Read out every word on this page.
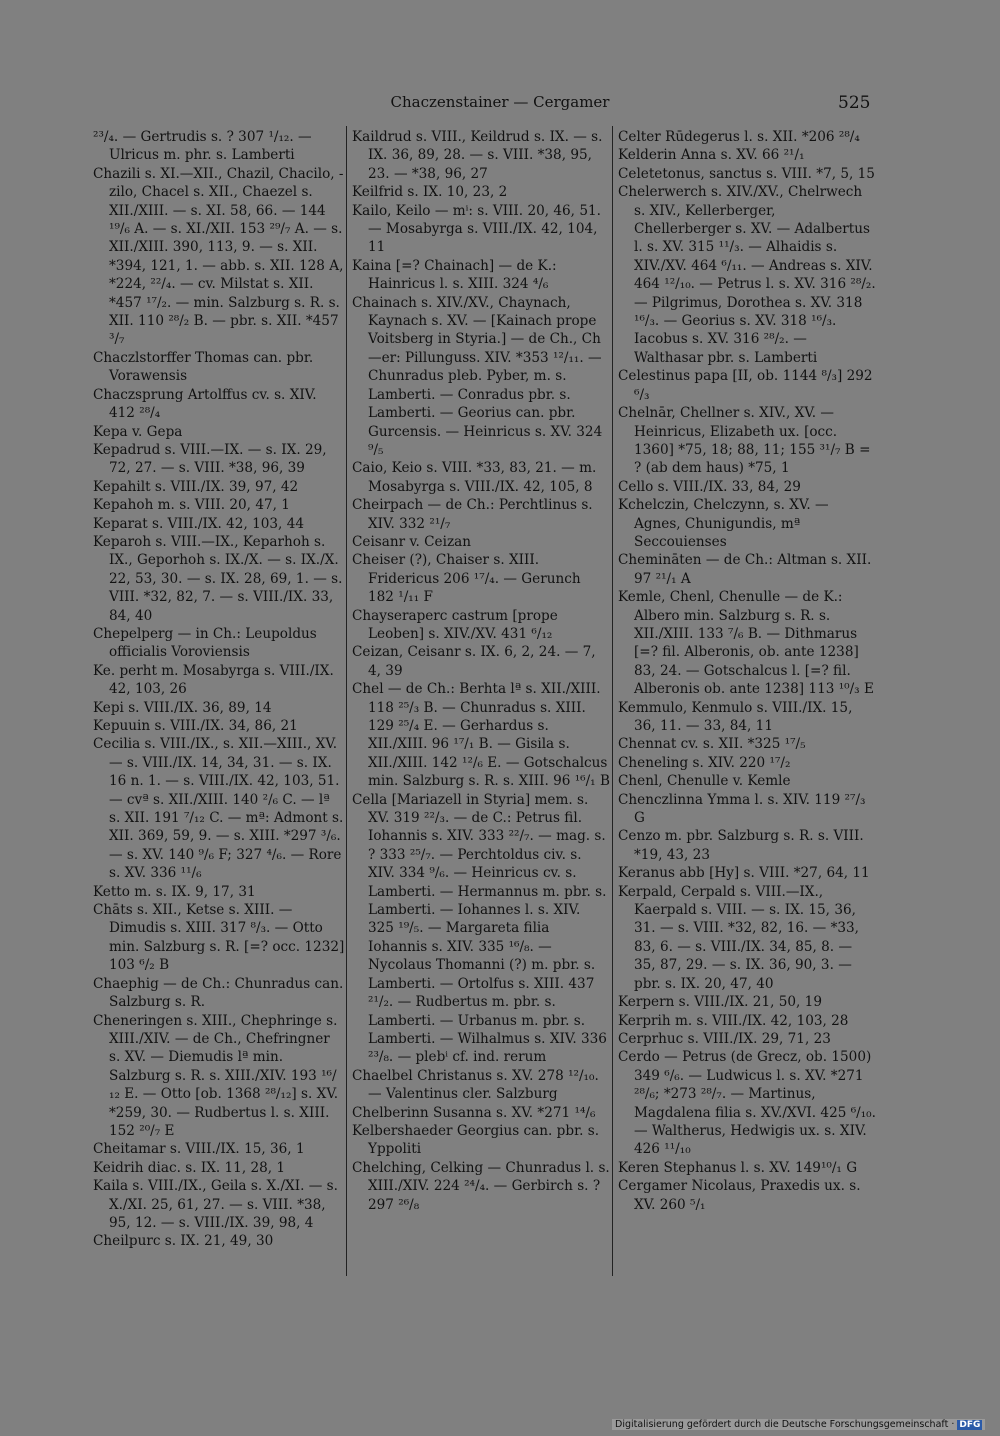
Chaczenstainer — Cergamer	525

²³/₄. — Gertrudis s. ? 307 ¹/₁₂. — Ulricus m. phr. s. Lamberti

Chazili s. XI.—XII., Chazil, Chacilo, -zilo, Chacel s. XII., Chaezel s. XII./XIII. — s. XI. 58, 66. — 144 ¹⁹/₆ A. — s. XI./XII. 153 ²⁹/₇ A. — s. XII./XIII. 390, 113, 9. — s. XII. *394, 121, 1. — abb. s. XII. 128 A, *224, ²²/₄. — cv. Milstat s. XII. *457 ¹⁷/₂. — min. Salzburg s. R. s. XII. 110 ²⁸/₂ B. — pbr. s. XII. *457 ³/₇

Chaczlstorffer Thomas can. pbr. Vorawensis

Chaczsprung Artolffus cv. s. XIV. 412 ²⁸/₄

Kepa v. Gepa

Kepadrud s. VIII.—IX. — s. IX. 29, 72, 27. — s. VIII. *38, 96, 39

Kepahilt s. VIII./IX. 39, 97, 42

Kepahoh m. s. VIII. 20, 47, 1

Keparat s. VIII./IX. 42, 103, 44

Keparoh s. VIII.—IX., Keparhoh s. IX., Geporhoh s. IX./X. — s. IX./X. 22, 53, 30. — s. IX. 28, 69, 1. — s. VIII. *32, 82, 7. — s. VIII./IX. 33, 84, 40

Chepelperg — in Ch.: Leupoldus officialis Voroviensis

Ke. perht m. Mosabyrga s. VIII./IX. 42, 103, 26

Kepi s. VIII./IX. 36, 89, 14

Kepuuin s. VIII./IX. 34, 86, 21

Cecilia s. VIII./IX., s. XII.—XIII., XV. — s. VIII./IX. 14, 34, 31. — s. IX. 16 n. 1. — s. VIII./IX. 42, 103, 51. — cvª s. XII./XIII. 140 ²/₆ C. — lª s. XII. 191 ⁷/₁₂ C. — mª: Admont s. XII. 369, 59, 9. — s. XIII. *297 ³/₆. — s. XV. 140 ⁹/₆ F; 327 ⁴/₆. — Rore s. XV. 336 ¹¹/₆

Ketto m. s. IX. 9, 17, 31

Chāts s. XII., Ketse s. XIII. — Dimudis s. XIII. 317 ⁸/₃. — Otto min. Salzburg s. R. [=? occ. 1232] 103 ⁶/₂ B

Chaephig — de Ch.: Chunradus can. Salzburg s. R.

Cheneringen s. XIII., Chephringe s. XIII./XIV. — de Ch., Chefringner s. XV. — Diemudis lª min. Salzburg s. R. s. XIII./XIV. 193 ¹⁶/₁₂ E. — Otto [ob. 1368 ²⁸/₁₂] s. XV. *259, 30. — Rudbertus l. s. XIII. 152 ²⁰/₇ E

Cheitamar s. VIII./IX. 15, 36, 1

Keidrih diac. s. IX. 11, 28, 1

Kaila s. VIII./IX., Geila s. X./XI. — s. X./XI. 25, 61, 27. — s. VIII. *38, 95, 12. — s. VIII./IX. 39, 98, 4

Cheilpurc s. IX. 21, 49, 30

Kaildrud s. VIII., Keildrud s. IX. — s. IX. 36, 89, 28. — s. VIII. *38, 95, 23. — *38, 96, 27

Keilfrid s. IX. 10, 23, 2

Kailo, Keilo — mⁱ: s. VIII. 20, 46, 51. — Mosabyrga s. VIII./IX. 42, 104, 11

Kaina [=? Chainach] — de K.: Hainricus l. s. XIII. 324 ⁴/₆

Chainach s. XIV./XV., Chaynach, Kaynach s. XV. — [Kainach prope Voitsberg in Styria.] — de Ch., Ch—er: Pillunguss. XIV. *353 ¹²/₁₁. — Chunradus pleb. Pyber, m. s. Lamberti. — Conradus pbr. s. Lamberti. — Georius can. pbr. Gurcensis. — Heinricus s. XV. 324 ⁹/₅

Caio, Keio s. VIII. *33, 83, 21. — m. Mosabyrga s. VIII./IX. 42, 105, 8

Cheirpach — de Ch.: Perchtlinus s. XIV. 332 ²¹/₇

Ceisanr v. Ceizan

Cheiser (?), Chaiser s. XIII. Fridericus 206 ¹⁷/₄. — Gerunch 182 ¹/₁₁ F

Chayseraperc castrum [prope Leoben] s. XIV./XV. 431 ⁶/₁₂

Ceizan, Ceisanr s. IX. 6, 2, 24. — 7, 4, 39

Chel — de Ch.: Berhta lª s. XII./XIII. 118 ²⁵/₃ B. — Chunradus s. XIII. 129 ²⁵/₄ E. — Gerhardus s. XII./XIII. 96 ¹⁷/₁ B. — Gisila s. XII./XIII. 142 ¹²/₆ E. — Gotschalcus min. Salzburg s. R. s. XIII. 96 ¹⁶/₁ B

Cella [Mariazell in Styria] mem. s. XV. 319 ²²/₃. — de C.: Petrus fil. Iohannis s. XIV. 333 ²²/₇. — mag. s. ? 333 ²⁵/₇. — Perchtoldus civ. s. XIV. 334 ⁹/₆. — Heinricus cv. s. Lamberti. — Hermannus m. pbr. s. Lamberti. — Iohannes l. s. XIV. 325 ¹⁹/₅. — Margareta filia Iohannis s. XIV. 335 ¹⁶/₈. — Nycolaus Thomanni (?) m. pbr. s. Lamberti. — Ortolfus s. XIII. 437 ²¹/₂. — Rudbertus m. pbr. s. Lamberti. — Urbanus m. pbr. s. Lamberti. — Wilhalmus s. XIV. 336 ²³/₈. — plebⁱ cf. ind. rerum

Chaelbel Christanus s. XV. 278 ¹²/₁₀. — Valentinus cler. Salzburg

Chelberinn Susanna s. XV. *271 ¹⁴/₆

Kelbershaeder Georgius can. pbr. s. Yppoliti

Chelching, Celking — Chunradus l. s. XIII./XIV. 224 ²⁴/₄. — Gerbirch s. ? 297 ²⁶/₈

Celter Rūdegerus l. s. XII. *206 ²⁸/₄

Kelderin Anna s. XV. 66 ²¹/₁

Celetetonus, sanctus s. VIII. *7, 5, 15

Chelerwerch s. XIV./XV., Chelrwech s. XIV., Kellerberger, Chellerberger s. XV. — Adalbertus l. s. XV. 315 ¹¹/₃. — Alhaidis s. XIV./XV. 464 ⁶/₁₁. — Andreas s. XIV. 464 ¹²/₁₀. — Petrus l. s. XV. 316 ²⁸/₂. — Pilgrimus, Dorothea s. XV. 318 ¹⁶/₃. — Georius s. XV. 318 ¹⁶/₃. Iacobus s. XV. 316 ²⁸/₂. — Walthasar pbr. s. Lamberti

Celestinus papa [II, ob. 1144 ⁸/₃] 292 ⁶/₃

Chelnār, Chellner s. XIV., XV. — Heinricus, Elizabeth ux. [occ. 1360] *75, 18; 88, 11; 155 ³¹/₇ B = ? (ab dem haus) *75, 1

Cello s. VIII./IX. 33, 84, 29

Kchelczin, Chelczynn, s. XV. — Agnes, Chunigundis, mª Seccouienses

Chemināten — de Ch.: Altman s. XII. 97 ²¹/₁ A

Kemle, Chenl, Chenulle — de K.: Albero min. Salzburg s. R. s. XII./XIII. 133 ⁷/₆ B. — Dithmarus [=? fil. Alberonis, ob. ante 1238] 83, 24. — Gotschalcus l. [=? fil. Alberonis ob. ante 1238] 113 ¹⁰/₃ E

Kemmulo, Kenmulo s. VIII./IX. 15, 36, 11. — 33, 84, 11

Chennat cv. s. XII. *325 ¹⁷/₅

Cheneling s. XIV. 220 ¹⁷/₂

Chenl, Chenulle v. Kemle

Chenczlinna Ymma l. s. XIV. 119 ²⁷/₃ G

Cenzo m. pbr. Salzburg s. R. s. VIII. *19, 43, 23

Keranus abb [Hy] s. VIII. *27, 64, 11

Kerpald, Cerpald s. VIII.—IX., Kaerpald s. VIII. — s. IX. 15, 36, 31. — s. VIII. *32, 82, 16. — *33, 83, 6. — s. VIII./IX. 34, 85, 8. — 35, 87, 29. — s. IX. 36, 90, 3. — pbr. s. IX. 20, 47, 40

Kerpern s. VIII./IX. 21, 50, 19

Kerprih m. s. VIII./IX. 42, 103, 28

Cerprhuc s. VIII./IX. 29, 71, 23

Cerdo — Petrus (de Grecz, ob. 1500) 349 ⁶/₆. — Ludwicus l. s. XV. *271 ²⁸/₆; *273 ²⁸/₇. — Martinus, Magdalena filia s. XV./XVI. 425 ⁶/₁₀. — Waltherus, Hedwigis ux. s. XIV. 426 ¹¹/₁₀

Keren Stephanus l. s. XV. 149¹⁰/₁ G

Cergamer Nicolaus, Praxedis ux. s. XV. 260 ⁵/₁

Digitalisierung gefördert durch die Deutsche Forschungsgemeinschaft · DFG
